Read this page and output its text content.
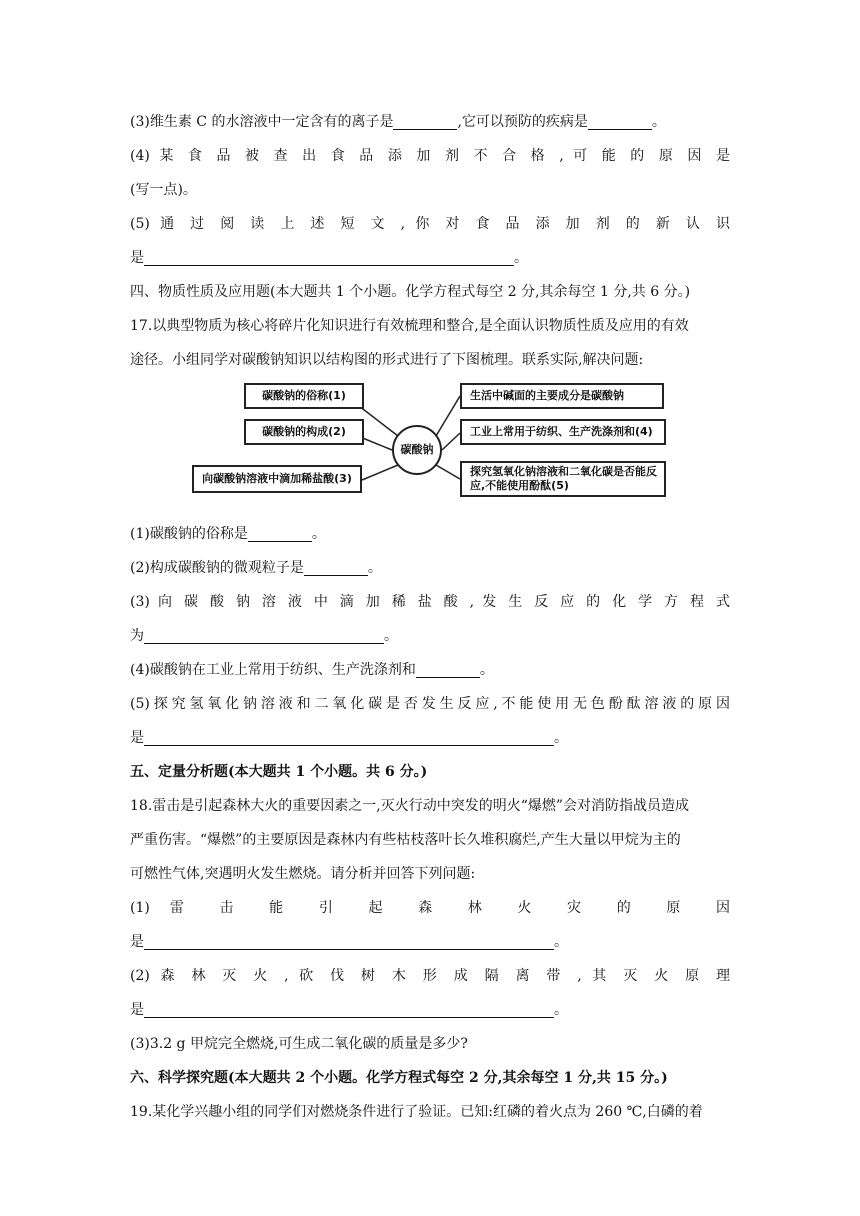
(3)维生素 C 的水溶液中一定含有的离子是	,它可以预防的疾病是	。

(4) 某 食 品 被 查 出 食 品 添 加 剂 不 合 格 , 可 能 的 原 因 是

(写一点)。

(5) 通 过 阅 读 上 述 短 文 , 你 对 食 品 添 加 剂 的 新 认 识

是	。

四、物质性质及应用题(本大题共 1 个小题。化学方程式每空 2 分,其余每空 1 分,共 6 分。)

17.以典型物质为核心将碎片化知识进行有效梳理和整合,是全面认识物质性质及应用的有效

途径。小组同学对碳酸钠知识以结构图的形式进行了下图梳理。联系实际,解决问题:

碳酸钠的俗称(1)
碳酸钠的构成(2)
向碳酸钠溶液中滴加稀盐酸(3)
碳酸钠
生活中碱面的主要成分是碳酸钠
工业上常用于纺织、生产洗涤剂和(4)
探究氢氧化钠溶液和二氧化碳是否能反应,不能使用酚酞(5)

(1)碳酸钠的俗称是	。

(2)构成碳酸钠的微观粒子是	。

(3) 向 碳 酸 钠 溶 液 中 滴 加 稀 盐 酸 , 发 生 反 应 的 化 学 方 程 式

为	。

(4)碳酸钠在工业上常用于纺织、生产洗涤剂和	。

(5)探究氢氧化钠溶液和二氧化碳是否发生反应,不能使用无色酚酞溶液的原因

是	。

五、定量分析题(本大题共 1 个小题。共 6 分。)

18.雷击是引起森林大火的重要因素之一,灭火行动中突发的明火“爆燃”会对消防指战员造成

严重伤害。“爆燃”的主要原因是森林内有些枯枝落叶长久堆积腐烂,产生大量以甲烷为主的

可燃性气体,突遇明火发生燃烧。请分析并回答下列问题:

(1) 雷 击 能 引 起 森 林 火 灾 的 原 因

是	。

(2) 森 林 灭 火 , 砍 伐 树 木 形 成 隔 离 带 , 其 灭 火 原 理

是	。

(3)3.2 g 甲烷完全燃烧,可生成二氧化碳的质量是多少?

六、科学探究题(本大题共 2 个小题。化学方程式每空 2 分,其余每空 1 分,共 15 分。)

19.某化学兴趣小组的同学们对燃烧条件进行了验证。已知:红磷的着火点为 260 ℃,白磷的着
